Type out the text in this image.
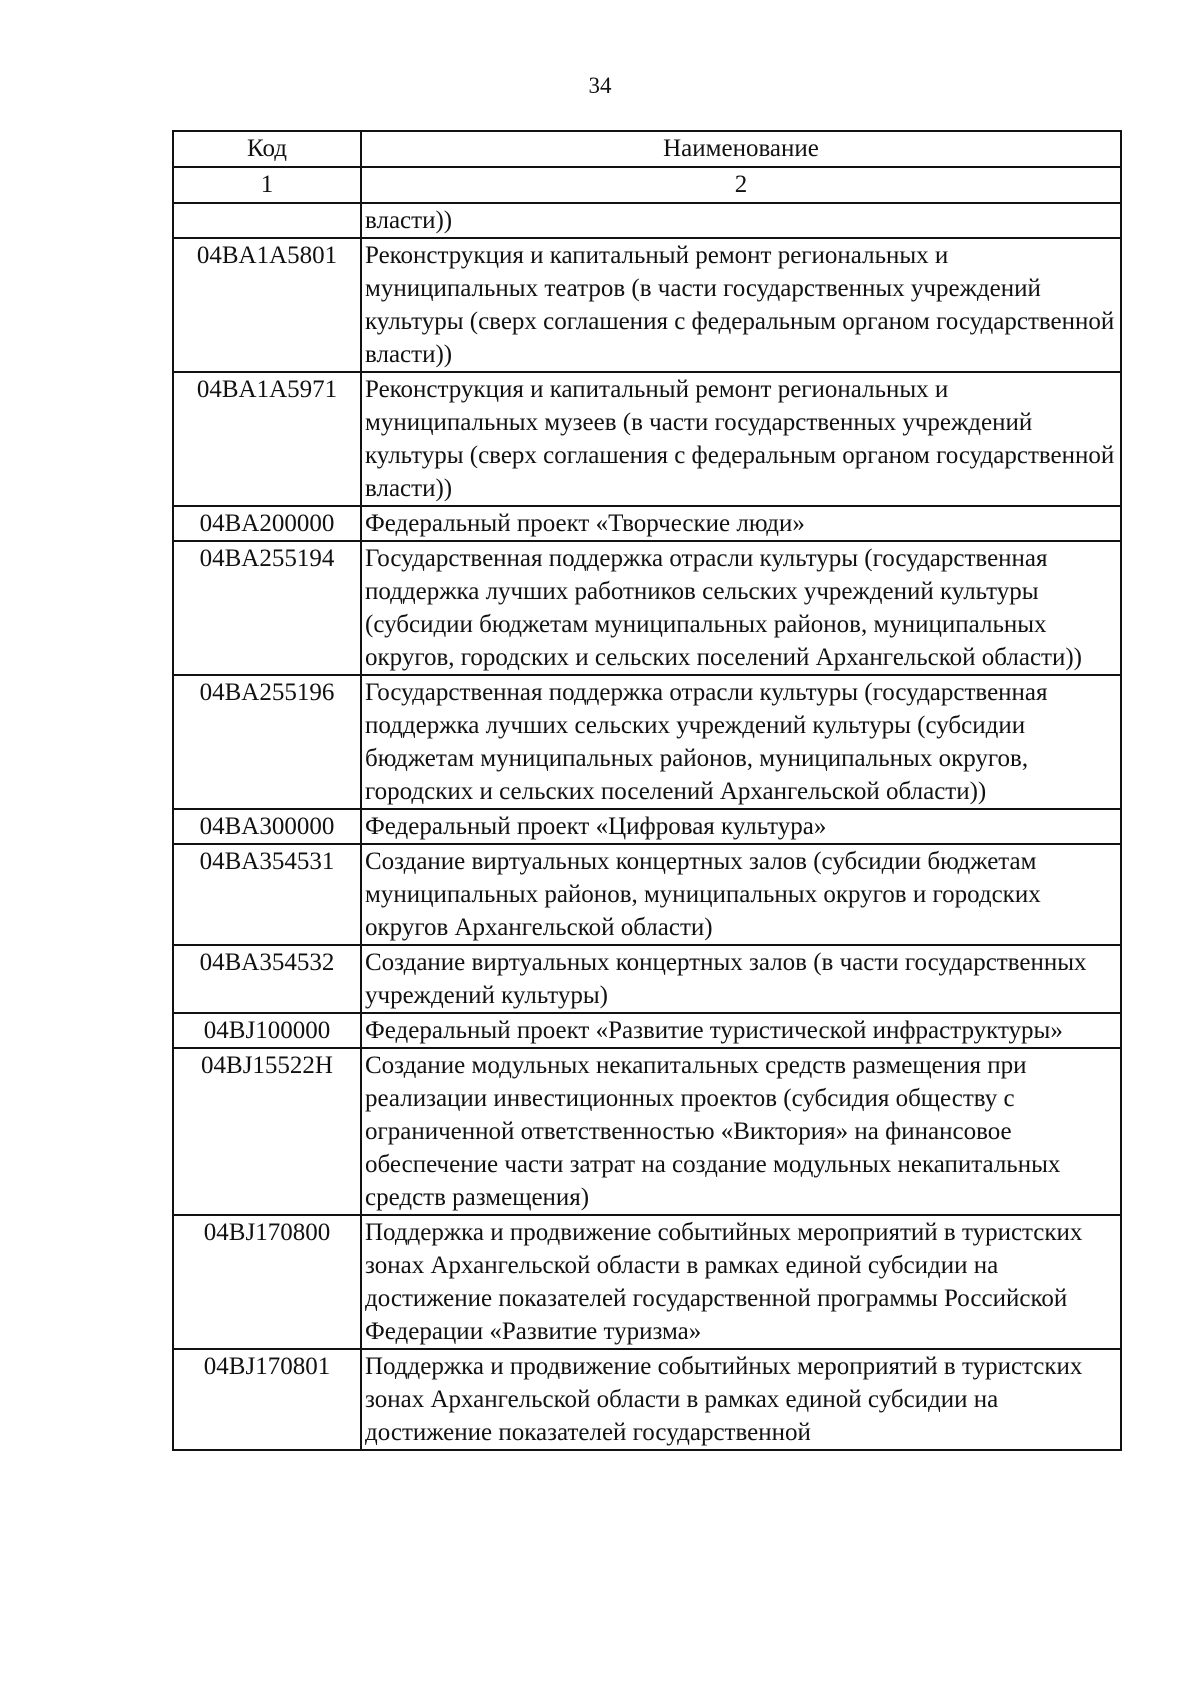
34
Код	Наименование
1	2
	власти))
04BA1A5801	Реконструкция и капитальный ремонт региональных и муниципальных театров (в части государственных учреждений культуры (сверх соглашения с федеральным органом государственной власти))
04BA1A5971	Реконструкция и капитальный ремонт региональных и муниципальных музеев (в части государственных учреждений культуры (сверх соглашения с федеральным органом государственной власти))
04BA200000	Федеральный проект «Творческие люди»
04BA255194	Государственная поддержка отрасли культуры (государственная поддержка лучших работников сельских учреждений культуры (субсидии бюджетам муниципальных районов, муниципальных округов, городских и сельских поселений Архангельской области))
04BA255196	Государственная поддержка отрасли культуры (государственная поддержка лучших сельских учреждений культуры (субсидии бюджетам муниципальных районов, муниципальных округов, городских и сельских поселений Архангельской области))
04BA300000	Федеральный проект «Цифровая культура»
04BA354531	Создание виртуальных концертных залов (субсидии бюджетам муниципальных районов, муниципальных округов и городских округов Архангельской области)
04BA354532	Создание виртуальных концертных залов (в части государственных учреждений культуры)
04BJ100000	Федеральный проект «Развитие туристической инфраструктуры»
04BJ15522H	Создание модульных некапитальных средств размещения при реализации инвестиционных проектов (субсидия обществу с ограниченной ответственностью «Виктория» на финансовое обеспечение части затрат на создание модульных некапитальных средств размещения)
04BJ170800	Поддержка и продвижение событийных мероприятий в туристских зонах Архангельской области в рамках единой субсидии на достижение показателей государственной программы Российской Федерации «Развитие туризма»
04BJ170801	Поддержка и продвижение событийных мероприятий в туристских зонах Архангельской области в рамках единой субсидии на достижение показателей государственной
